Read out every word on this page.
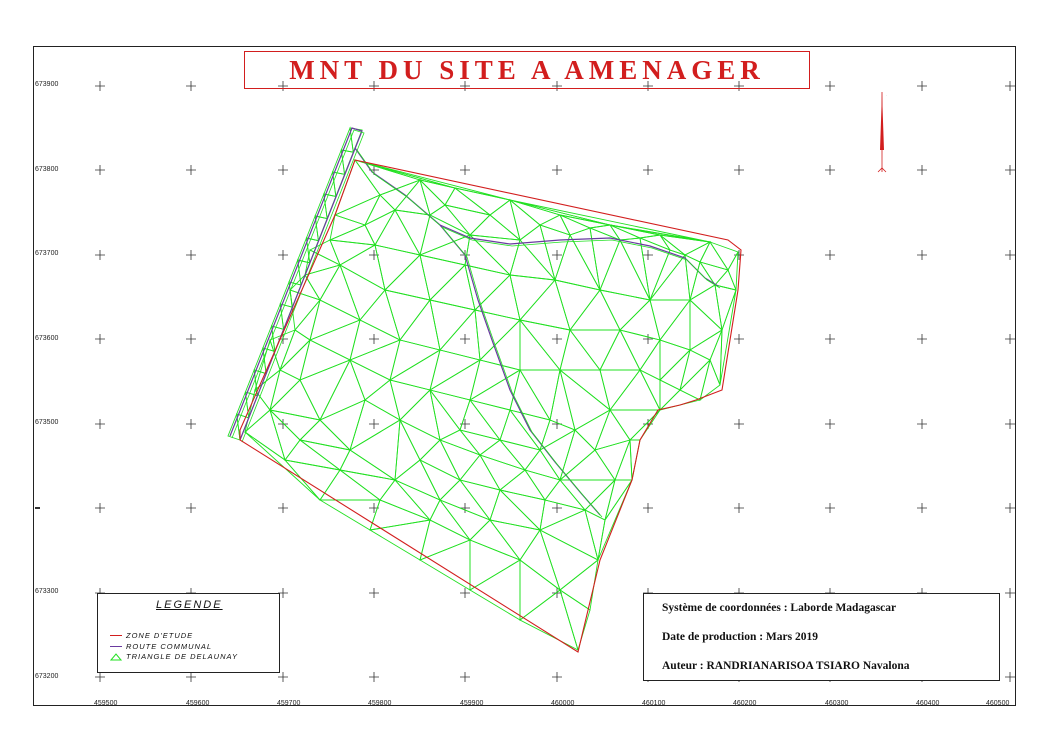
·
MNT DU SITE A AMENAGER
673900
673800
673700
673600
673500
673300
673200
459500	459600	459700	459800	459900	460000	460100	460200	460300	460400	460500
LEGENDE
ZONE D'ETUDE
ROUTE COMMUNAL
TRIANGLE DE DELAUNAY
Système de coordonnées : Laborde Madagascar
Date de production : Mars 2019
Auteur : RANDRIANARISOA TSIARO Navalona
